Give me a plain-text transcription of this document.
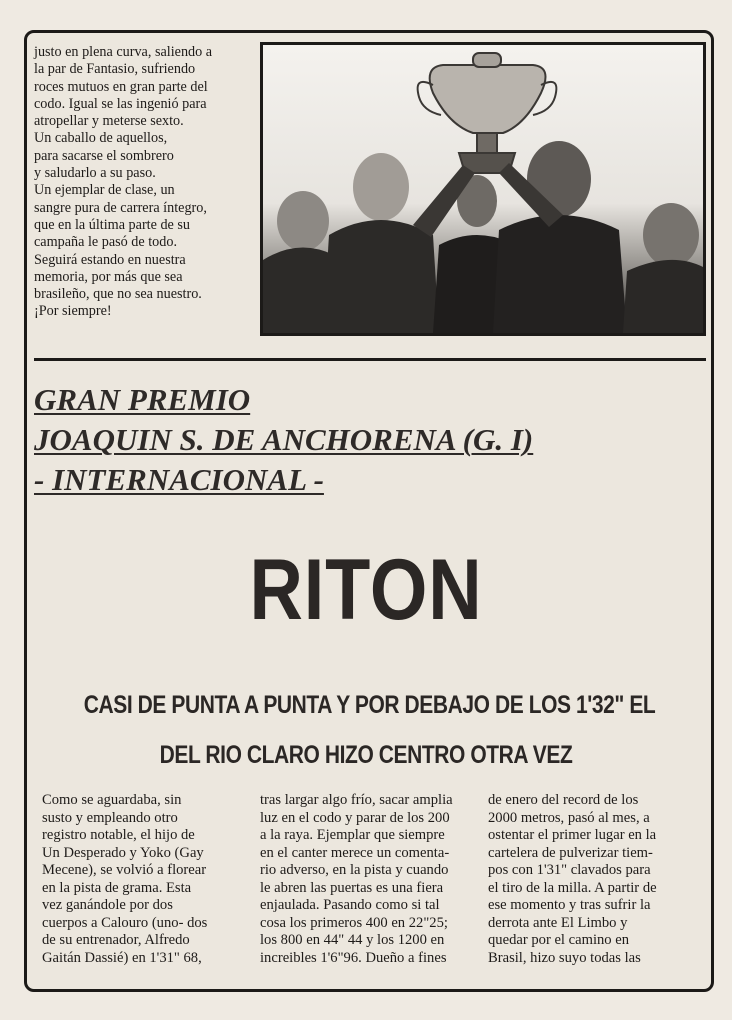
justo en plena curva, saliendo a
la par de Fantasio, sufriendo
roces mutuos en gran parte del
codo. Igual se las ingenió para
atropellar y meterse sexto.
Un caballo de aquellos,
para sacarse el sombrero
y saludarlo a su paso.
Un ejemplar de clase, un
sangre pura de carrera íntegro,
que en la última parte de su
campaña le pasó de todo.
Seguirá estando en nuestra
memoria, por más que sea
brasileño, que no sea nuestro.
¡Por siempre!
GRAN PREMIO
JOAQUIN S. DE ANCHORENA (G. I)
- INTERNACIONAL -
RITON
CASI DE PUNTA A PUNTA Y POR DEBAJO DE LOS 1'32" EL
DEL RIO CLARO HIZO CENTRO OTRA VEZ
Como se aguardaba, sin
susto y empleando otro
registro notable, el hijo de
Un Desperado y Yoko (Gay
Mecene), se volvió a florear
en la pista de grama. Esta
vez ganándole por dos
cuerpos a Calouro (uno- dos
de su entrenador, Alfredo
Gaitán Dassié) en 1'31" 68,
tras largar algo frío, sacar amplia
luz en el codo y parar de los 200
a la raya. Ejemplar que siempre
en el canter merece un comenta-
rio adverso, en la pista y cuando
le abren las puertas es una fiera
enjaulada. Pasando como si tal
cosa los primeros 400 en 22"25;
los 800 en 44" 44 y los 1200 en
increibles 1'6"96. Dueño a fines
de enero del record de los
2000 metros, pasó al mes, a
ostentar el primer lugar en la
cartelera de pulverizar tiem-
pos con 1'31" clavados para
el tiro de la milla. A partir de
ese momento y tras sufrir la
derrota ante El Limbo y
quedar por el camino en
Brasil, hizo suyo todas las
